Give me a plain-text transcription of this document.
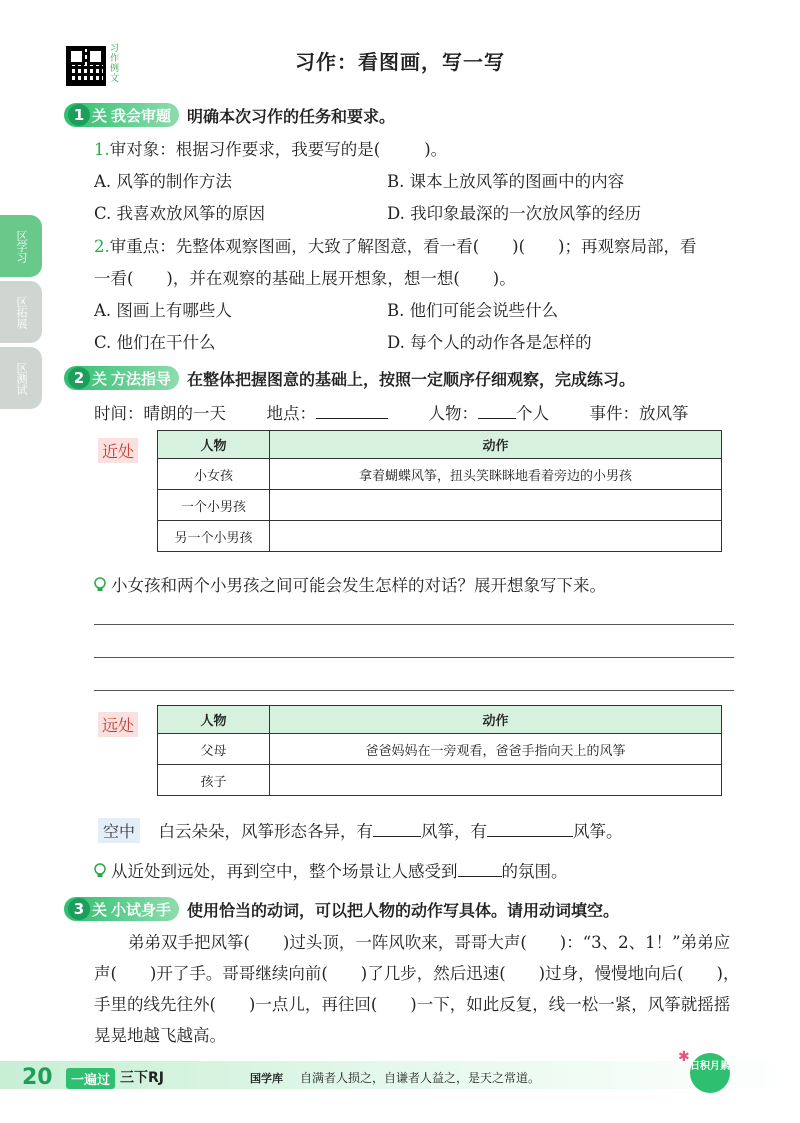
习作例文
习作：看图画，写一写
区学习
区拓展
区测试
1 关 我会审题 明确本次习作的任务和要求。
1.审对象：根据习作要求，我要写的是(	)。
A. 风筝的制作方法	B. 课本上放风筝的图画中的内容
C. 我喜欢放风筝的原因	D. 我印象最深的一次放风筝的经历
2.审重点：先整体观察图画，大致了解图意，看一看(　　)(　　)；再观察局部，看
一看(　　)，并在观察的基础上展开想象，想一想(　　)。
A. 图画上有哪些人	B. 他们可能会说些什么
C. 他们在干什么	D. 每个人的动作各是怎样的
2 关 方法指导 在整体把握图意的基础上，按照一定顺序仔细观察，完成练习。
时间：晴朗的一天 地点：	人物： 个人 事件：放风筝
近处	人物	动作
小女孩	拿着蝴蝶风筝，扭头笑眯眯地看着旁边的小男孩
一个小男孩	
另一个小男孩	
小女孩和两个小男孩之间可能会发生怎样的对话？展开想象写下来。
远处	人物	动作
父母	爸爸妈妈在一旁观看，爸爸手指向天上的风筝
孩子	
空中 白云朵朵，风筝形态各异，有	风筝，有	风筝。
从近处到远处，再到空中，整个场景让人感受到	的氛围。
3 关 小试身手 使用恰当的动词，可以把人物的动作写具体。请用动词填空。
弟弟双手把风筝(　　)过头顶，一阵风吹来，哥哥大声(　　)：“3、2、1！”弟弟应声(　　)开了手。哥哥继续向前(　　)了几步，然后迅速(　　)过身，慢慢地向后(　　)，手里的线先往外(　　)一点儿，再往回(　　)一下，如此反复，线一松一紧，风筝就摇摇晃晃地越飞越高。
20	一遍过 三下RJ	国学库 自满者人损之，自谦者人益之，是天之常道。
✱
日积月累
